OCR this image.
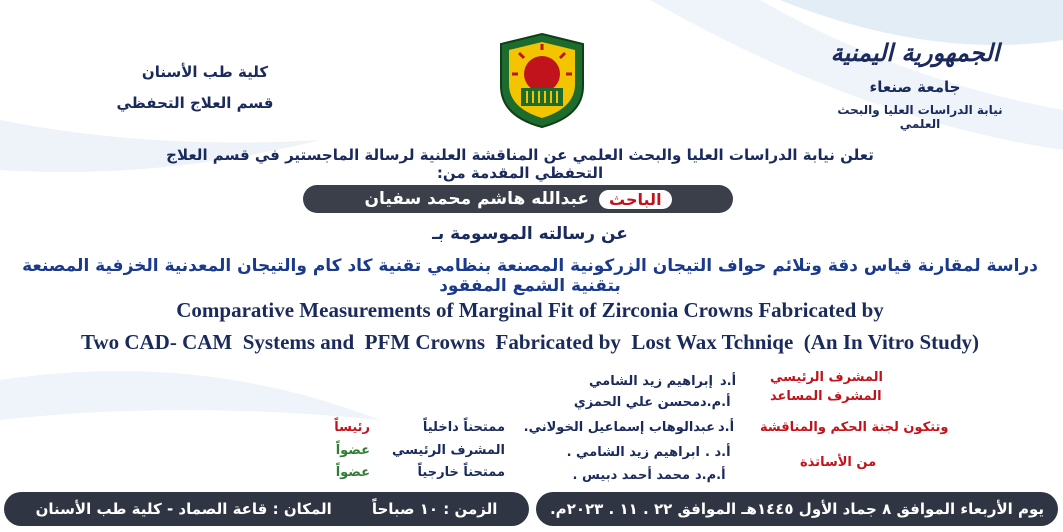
كلية طب الأسنان
قسم العلاج التحفظي
الجمهورية اليمنية
جامعة صنعاء
نيابة الدراسات العليا والبحث العلمي
١٩٧٠
تعلن نيابة الدراسات العليا والبحث العلمي عن المناقشة العلنية لرسالة الماجستير في قسم العلاج التحفظي المقدمة من:
الباحث
عبدالله هاشم محمد سفيان
عن رسالته الموسومة بـ
دراسة لمقارنة قياس دقة وتلائم حواف التيجان الزركونية المصنعة بنظامي تقنية كاد كام والتيجان المعدنية الخزفية المصنعة بتقنية الشمع المفقود
Comparative Measurements of Marginal Fit of Zirconia Crowns Fabricated by
Two CAD- CAM  Systems and  PFM Crowns  Fabricated by  Lost Wax Tchniqe  (An In Vitro Study)
المشرف الرئيسي
أ.د
إبراهيم زيد الشامي
المشرف المساعد
أ.م.د
محسن علي الحمزي
وتتكون لجنة الحكم والمناقشة
من الأساتذة
أ.د
عبدالوهاب إسماعيل الخولاني.
ممتحناً داخلياً
رئيساً
أ.د .
ابراهيم زيد الشامي .
المشرف الرئيسي
عضواً
أ.م.د
محمد أحمد دبيس .
ممتحناً خارجياً
عضواً
يوم الأربعاء الموافق ٨ جماد الأول ١٤٤٥هـ الموافق ٢٢ . ١١ . ٢٠٢٣م.
الزمن : ١٠ صباحاً
المكان : قاعة الصماد - كلية طب الأسنان
